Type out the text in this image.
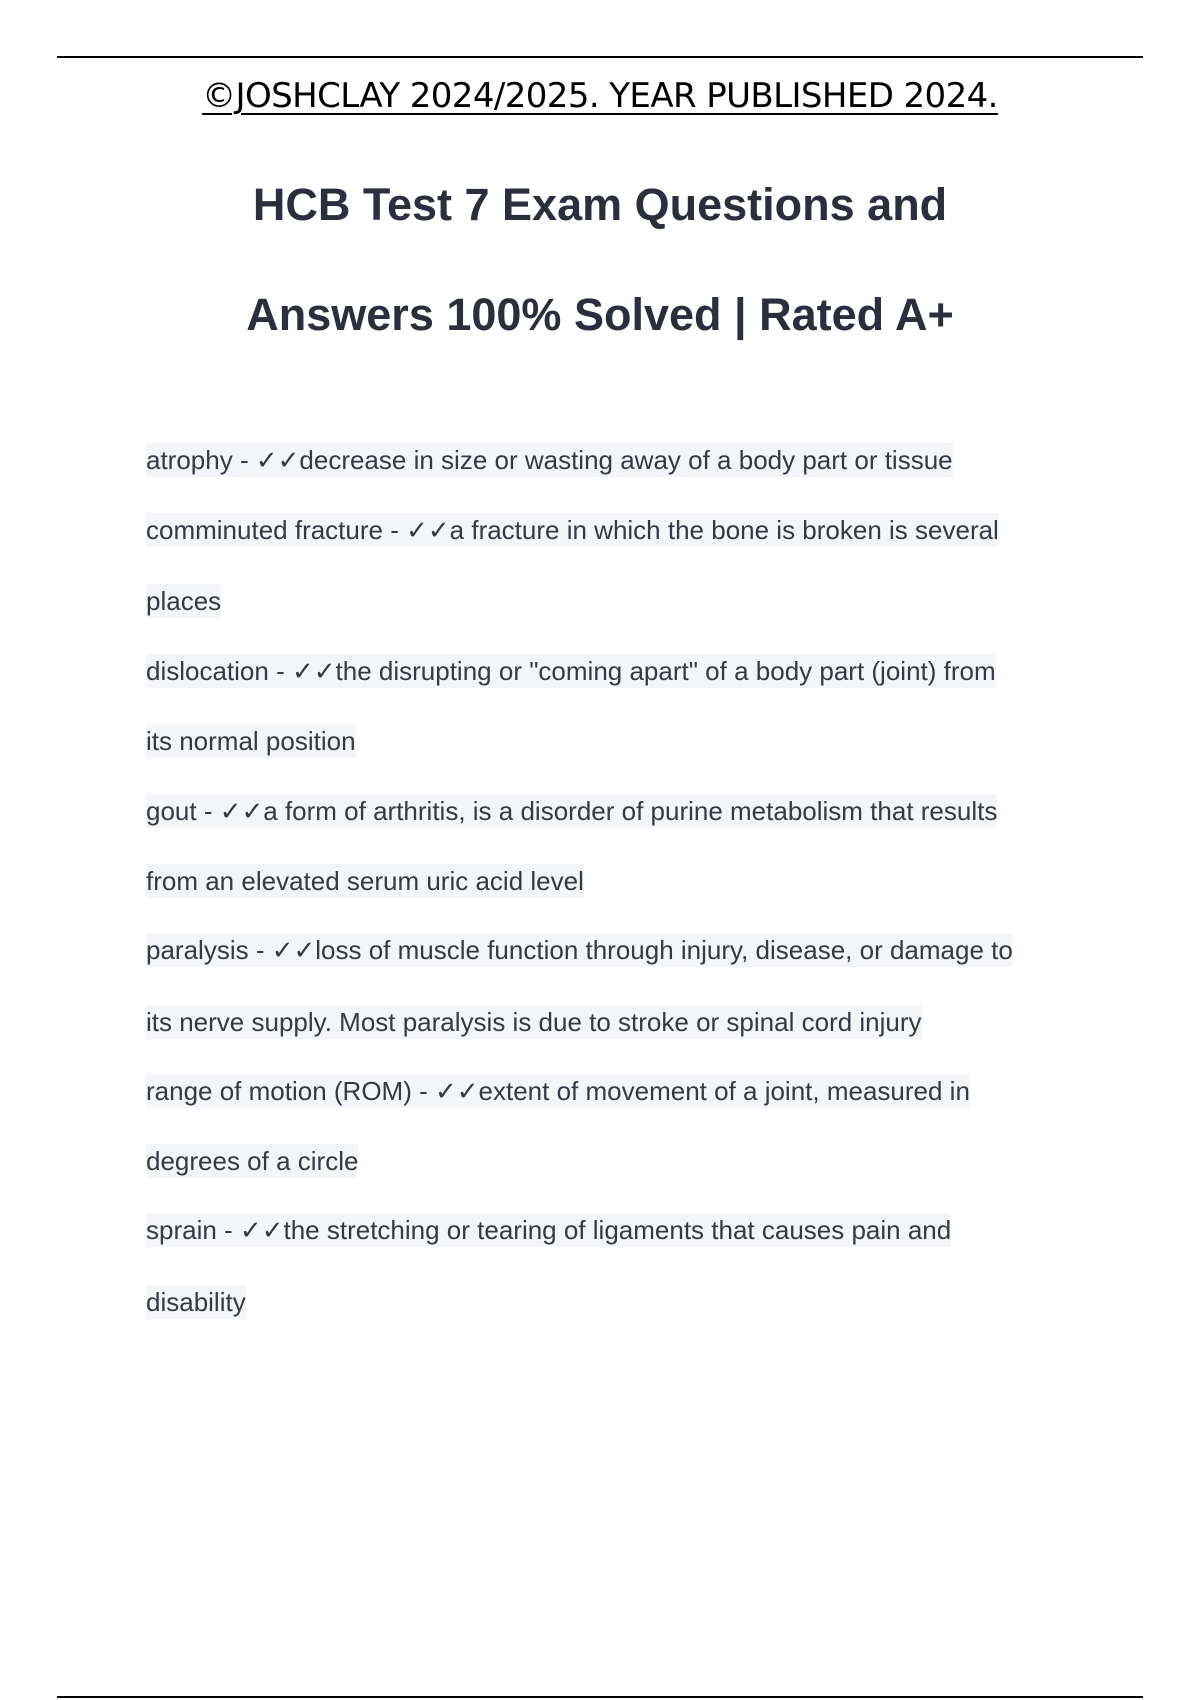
©JOSHCLAY 2024/2025. YEAR PUBLISHED 2024.
HCB Test 7 Exam Questions and
Answers 100% Solved | Rated A+
atrophy - ✓✓decrease in size or wasting away of a body part or tissue
comminuted fracture - ✓✓a fracture in which the bone is broken is several
places
dislocation - ✓✓the disrupting or "coming apart" of a body part (joint) from
its normal position
gout - ✓✓a form of arthritis, is a disorder of purine metabolism that results
from an elevated serum uric acid level
paralysis - ✓✓loss of muscle function through injury, disease, or damage to
its nerve supply. Most paralysis is due to stroke or spinal cord injury
range of motion (ROM) - ✓✓extent of movement of a joint, measured in
degrees of a circle
sprain - ✓✓the stretching or tearing of ligaments that causes pain and
disability
